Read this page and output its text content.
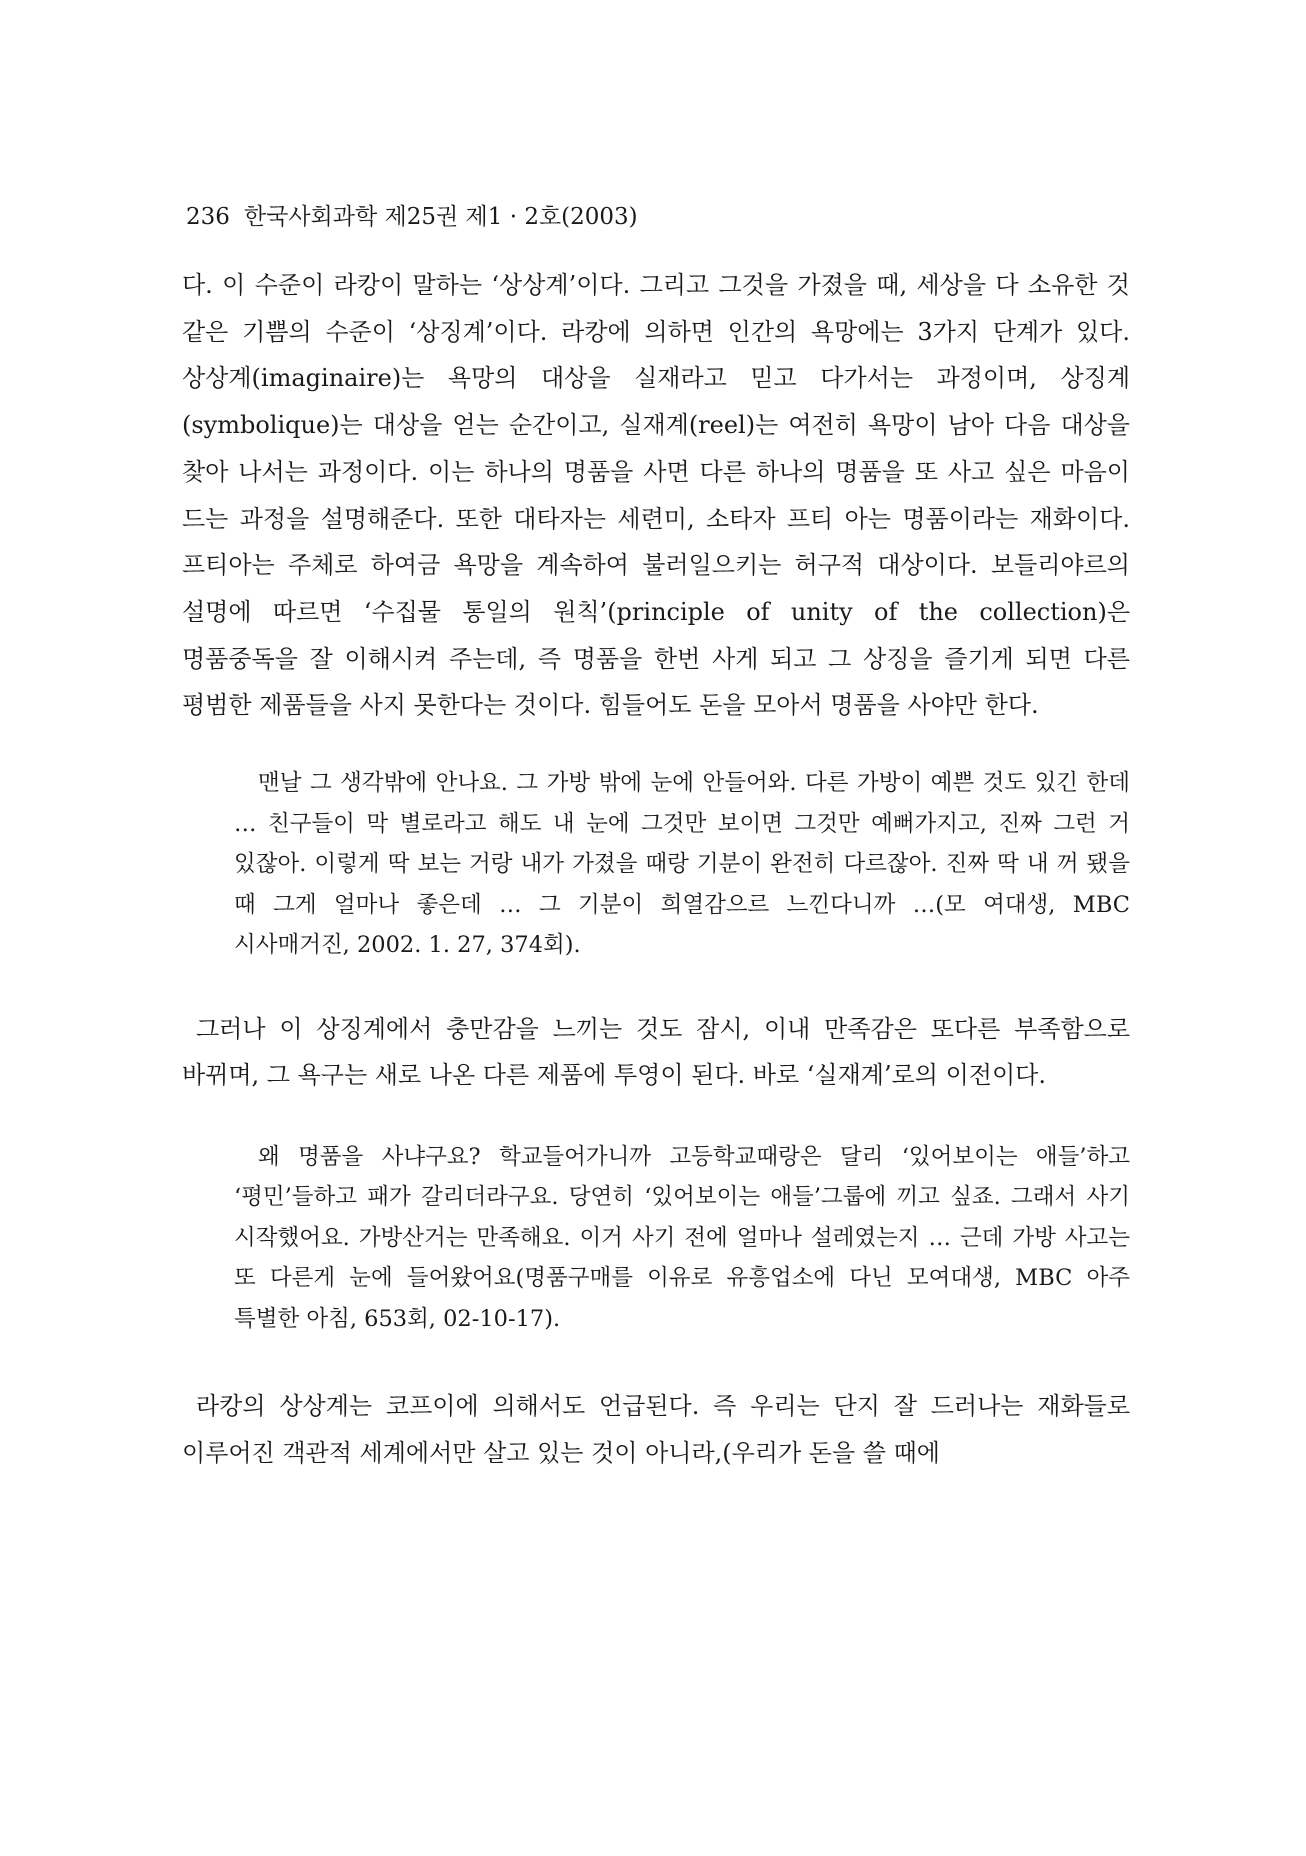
236 한국사회과학 제25권 제1 · 2호(2003)

다. 이 수준이 라캉이 말하는 ‘상상계’이다. 그리고 그것을 가졌을 때, 세상을 다 소유한 것 같은 기쁨의 수준이 ‘상징계’이다. 라캉에 의하면 인간의 욕망에는 3가지 단계가 있다. 상상계(imaginaire)는 욕망의 대상을 실재라고 믿고 다가서는 과정이며, 상징계(symbolique)는 대상을 얻는 순간이고, 실재계(reel)는 여전히 욕망이 남아 다음 대상을 찾아 나서는 과정이다. 이는 하나의 명품을 사면 다른 하나의 명품을 또 사고 싶은 마음이 드는 과정을 설명해준다. 또한 대타자는 세련미, 소타자 프티 아는 명품이라는 재화이다. 프티아는 주체로 하여금 욕망을 계속하여 불러일으키는 허구적 대상이다. 보들리야르의 설명에 따르면 ‘수집물 통일의 원칙’(principle of unity of the collection)은 명품중독을 잘 이해시켜 주는데, 즉 명품을 한번 사게 되고 그 상징을 즐기게 되면 다른 평범한 제품들을 사지 못한다는 것이다. 힘들어도 돈을 모아서 명품을 사야만 한다.

맨날 그 생각밖에 안나요. 그 가방 밖에 눈에 안들어와. 다른 가방이 예쁜 것도 있긴 한데 … 친구들이 막 별로라고 해도 내 눈에 그것만 보이면 그것만 예뻐가지고, 진짜 그런 거 있잖아. 이렇게 딱 보는 거랑 내가 가졌을 때랑 기분이 완전히 다르잖아. 진짜 딱 내 꺼 됐을 때 그게 얼마나 좋은데 … 그 기분이 희열감으르 느낀다니까 …(모 여대생, MBC 시사매거진, 2002. 1. 27, 374회).

그러나 이 상징계에서 충만감을 느끼는 것도 잠시, 이내 만족감은 또다른 부족함으로 바뀌며, 그 욕구는 새로 나온 다른 제품에 투영이 된다. 바로 ‘실재계’로의 이전이다.

왜 명품을 사냐구요? 학교들어가니까 고등학교때랑은 달리 ‘있어보이는 애들’하고 ‘평민’들하고 패가 갈리더라구요. 당연히 ‘있어보이는 애들’그룹에 끼고 싶죠. 그래서 사기 시작했어요. 가방산거는 만족해요. 이거 사기 전에 얼마나 설레였는지 … 근데 가방 사고는 또 다른게 눈에 들어왔어요(명품구매를 이유로 유흥업소에 다닌 모여대생, MBC 아주 특별한 아침, 653회, 02-10-17).

라캉의 상상계는 코프이에 의해서도 언급된다. 즉 우리는 단지 잘 드러나는 재화들로 이루어진 객관적 세계에서만 살고 있는 것이 아니라,(우리가 돈을 쓸 때에
